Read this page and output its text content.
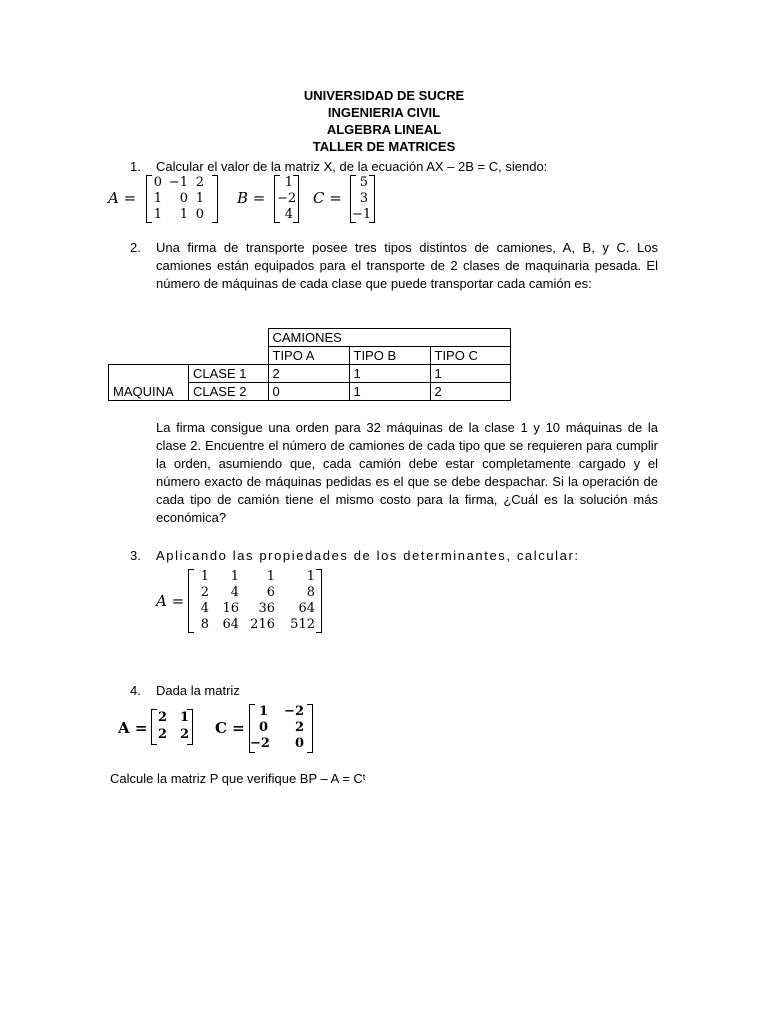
UNIVERSIDAD DE SUCRE
INGENIERIA CIVIL
ALGEBRA LINEAL
TALLER DE MATRICES
1. Calcular el valor de la matriz X, de la ecuación AX – 2B = C, siendo:
A =
0 −1 2
1	0 1
1	1 0
B =
1
−2
4
C =
5
3
−1
2. Una firma de transporte posee tres tipos distintos de camiones, A, B, y C. Los camiones están equipados para el transporte de 2 clases de maquinaria pesada. El número de máquinas de cada clase que puede transportar cada camión es:
		CAMIONES		
		TIPO A	TIPO B	TIPO C
MAQUINA	CLASE 1	2	1	1
	CLASE 2	0	1	2
La firma consigue una orden para 32 máquinas de la clase 1 y 10 máquinas de la clase 2. Encuentre el número de camiones de cada tipo que se requieren para cumplir la orden, asumiendo que, cada camión debe estar completamente cargado y el número exacto de máquinas pedidas es el que se debe despachar. Si la operación de cada tipo de camión tiene el mismo costo para la firma, ¿Cuál es la solución más económica?
3. Aplicando las propiedades de los determinantes, calcular:
A =
1	1	1	1
2	4	6	8
4	16	36	64
8	64 216	512
4. Dada la matriz
A =
2 1
2 2 C =
1	−2
0	2
−2	0
Calcule la matriz P que verifique BP – A = Cᵗ
